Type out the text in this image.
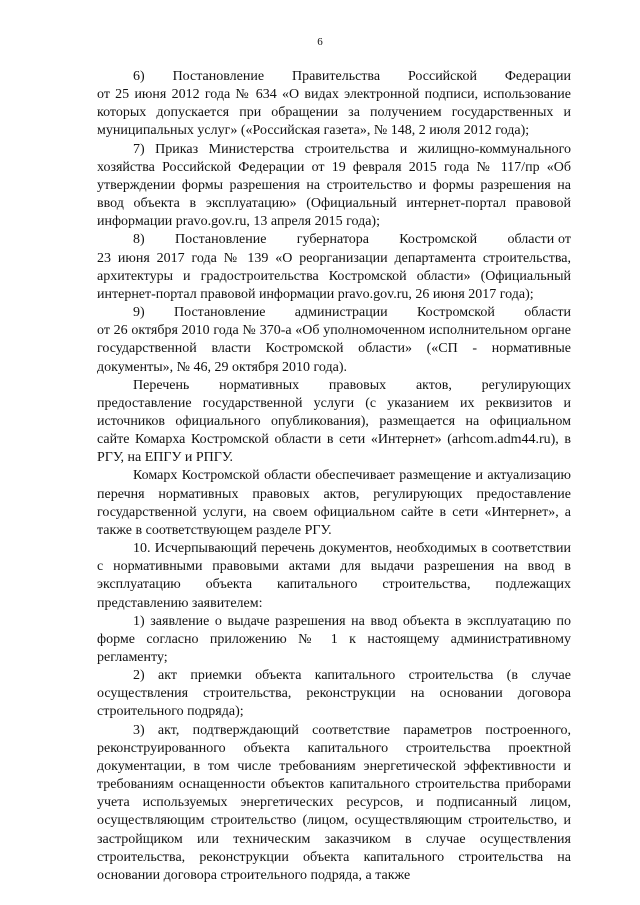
6

6)       Постановление       Правительства       Российской       Федерации от 25 июня 2012 года № 634 «О видах электронной подписи, использование которых допускается при обращении за получением государственных и муниципальных услуг» («Российская газета», № 148, 2 июля 2012 года);

7) Приказ Министерства строительства и жилищно-коммунального хозяйства Российской Федерации от 19 февраля 2015 года № 117/пр «Об утверждении формы разрешения на строительство и формы разрешения на ввод объекта в эксплуатацию» (Официальный интернет-портал правовой информации pravo.gov.ru, 13 апреля 2015 года);

8)        Постановление        губернатора        Костромской        области от 23 июня 2017 года № 139 «О реорганизации департамента строительства, архитектуры и градостроительства Костромской области» (Официальный интернет-портал правовой информации pravo.gov.ru, 26 июня 2017 года);

9)        Постановление        администрации        Костромской        области от 26 октября 2010 года № 370-а «Об уполномоченном исполнительном органе государственной власти Костромской области» («СП - нормативные документы», № 46, 29 октября 2010 года).

Перечень        нормативных        правовых        актов,        регулирующих предоставление государственной услуги (с указанием их реквизитов и источников официального опубликования), размещается на официальном сайте Комарха Костромской области в сети «Интернет» (arhcom.adm44.ru), в РГУ, на ЕПГУ и РПГУ.

Комарх Костромской области обеспечивает размещение и актуализацию перечня нормативных правовых актов, регулирующих предоставление государственной услуги, на своем официальном сайте в сети «Интернет», а также в соответствующем разделе РГУ.

10. Исчерпывающий перечень документов, необходимых в соответствии с нормативными правовыми актами для выдачи разрешения на ввод в эксплуатацию объекта капитального строительства, подлежащих представлению заявителем:

1) заявление о выдаче разрешения на ввод объекта в эксплуатацию по форме согласно приложению № 1 к настоящему административному регламенту;

2) акт приемки объекта капитального строительства (в случае осуществления строительства, реконструкции на основании договора строительного подряда);

3) акт, подтверждающий соответствие параметров построенного, реконструированного объекта капитального строительства проектной документации, в том числе требованиям энергетической эффективности и требованиям оснащенности объектов капитального строительства приборами учета используемых энергетических ресурсов, и подписанный лицом, осуществляющим строительство (лицом, осуществляющим строительство, и застройщиком или техническим заказчиком в случае осуществления строительства, реконструкции объекта капитального строительства на основании договора строительного подряда, а также
